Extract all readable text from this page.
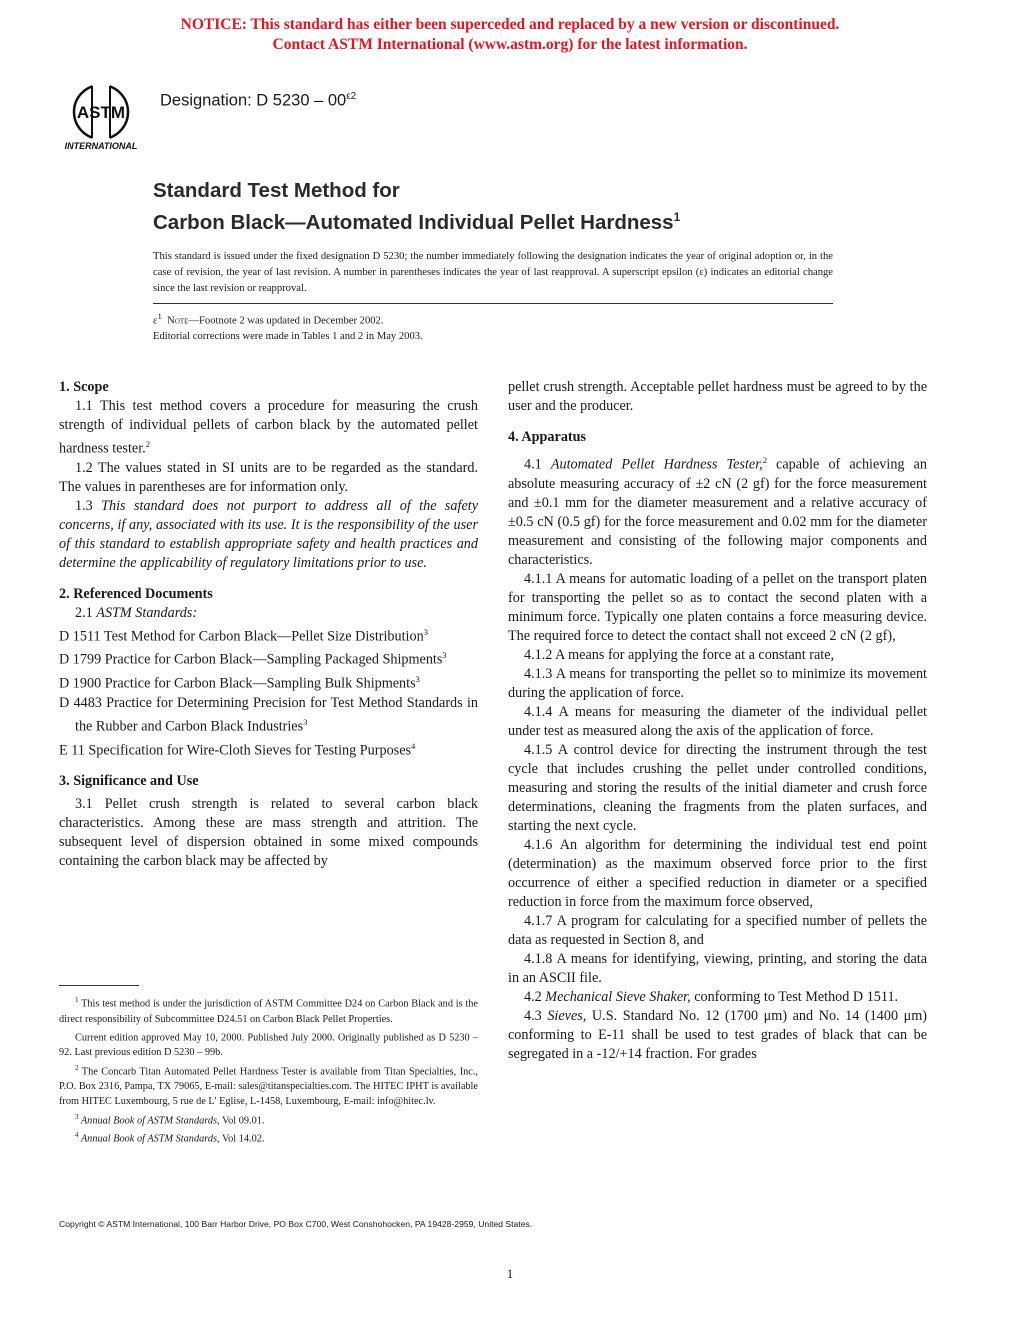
NOTICE: This standard has either been superceded and replaced by a new version or discontinued.
Contact ASTM International (www.astm.org) for the latest information.
ASTM
INTERNATIONAL
Designation: D $5230 - 00^{\varepsilon 2}$
Standard Test Method for
Carbon Black—Automated Individual Pellet Hardness$^1$
This standard is issued under the fixed designation D 5230; the number immediately following the designation indicates the year of original adoption or, in the case of revision, the year of last revision. A number in parentheses indicates the year of last reapproval. A superscript epsilon (ε) indicates an editorial change since the last revision or reapproval.
$\varepsilon^1$ Note—Footnote 2 was updated in December 2002.
Editorial corrections were made in Tables 1 and 2 in May 2003.
1. Scope

1.1 This test method covers a procedure for measuring the crush strength of individual pellets of carbon black by the automated pellet hardness tester.$^2$

1.2 The values stated in SI units are to be regarded as the standard. The values in parentheses are for information only.

1.3 This standard does not purport to address all of the safety concerns, if any, associated with its use. It is the responsibility of the user of this standard to establish appropriate safety and health practices and determine the applicability of regulatory limitations prior to use.

2. Referenced Documents

2.1 ASTM Standards:

D 1511 Test Method for Carbon Black—Pellet Size Distribution$^3$

D 1799 Practice for Carbon Black—Sampling Packaged Shipments$^3$

D 1900 Practice for Carbon Black—Sampling Bulk Shipments$^3$

D 4483 Practice for Determining Precision for Test Method Standards in the Rubber and Carbon Black Industries$^3$

E 11 Specification for Wire-Cloth Sieves for Testing Purposes$^4$

3. Significance and Use

3.1 Pellet crush strength is related to several carbon black characteristics. Among these are mass strength and attrition. The subsequent level of dispersion obtained in some mixed compounds containing the carbon black may be affected by

$^1$ This test method is under the jurisdiction of ASTM Committee D24 on Carbon Black and is the direct responsibility of Subcommittee D24.51 on Carbon Black Pellet Properties.

Current edition approved May 10, 2000. Published July 2000. Originally published as D 5230 – 92. Last previous edition D 5230 – 99b.

$^2$ The Concarb Titan Automated Pellet Hardness Tester is available from Titan Specialties, Inc., P.O. Box 2316, Pampa, TX 79065, E-mail: sales@titanspecialties.com. The HITEC IPHT is available from HITEC Luxembourg, 5 rue de L' Eglise, L-1458, Luxembourg, E-mail: info@hitec.lv.

$^3$ Annual Book of ASTM Standards, Vol 09.01.

$^4$ Annual Book of ASTM Standards, Vol 14.02.

pellet crush strength. Acceptable pellet hardness must be agreed to by the user and the producer.

4. Apparatus

4.1 Automated Pellet Hardness Tester,$^2$ capable of achieving an absolute measuring accuracy of ±2 cN (2 gf) for the force measurement and ±0.1 mm for the diameter measurement and a relative accuracy of ±0.5 cN (0.5 gf) for the force measurement and 0.02 mm for the diameter measurement and consisting of the following major components and characteristics.

4.1.1 A means for automatic loading of a pellet on the transport platen for transporting the pellet so as to contact the second platen with a minimum force. Typically one platen contains a force measuring device. The required force to detect the contact shall not exceed 2 cN (2 gf),

4.1.2 A means for applying the force at a constant rate,

4.1.3 A means for transporting the pellet so to minimize its movement during the application of force.

4.1.4 A means for measuring the diameter of the individual pellet under test as measured along the axis of the application of force.

4.1.5 A control device for directing the instrument through the test cycle that includes crushing the pellet under controlled conditions, measuring and storing the results of the initial diameter and crush force determinations, cleaning the fragments from the platen surfaces, and starting the next cycle.

4.1.6 An algorithm for determining the individual test end point (determination) as the maximum observed force prior to the first occurrence of either a specified reduction in diameter or a specified reduction in force from the maximum force observed,

4.1.7 A program for calculating for a specified number of pellets the data as requested in Section 8, and

4.1.8 A means for identifying, viewing, printing, and storing the data in an ASCII file.

4.2 Mechanical Sieve Shaker, conforming to Test Method D 1511.

4.3 Sieves, U.S. Standard No. 12 (1700 μm) and No. 14 (1400 μm) conforming to E-11 shall be used to test grades of black that can be segregated in a -12/+14 fraction. For grades

Copyright © ASTM International, 100 Barr Harbor Drive, PO Box C700, West Conshohocken, PA 19428-2959, United States.
1
